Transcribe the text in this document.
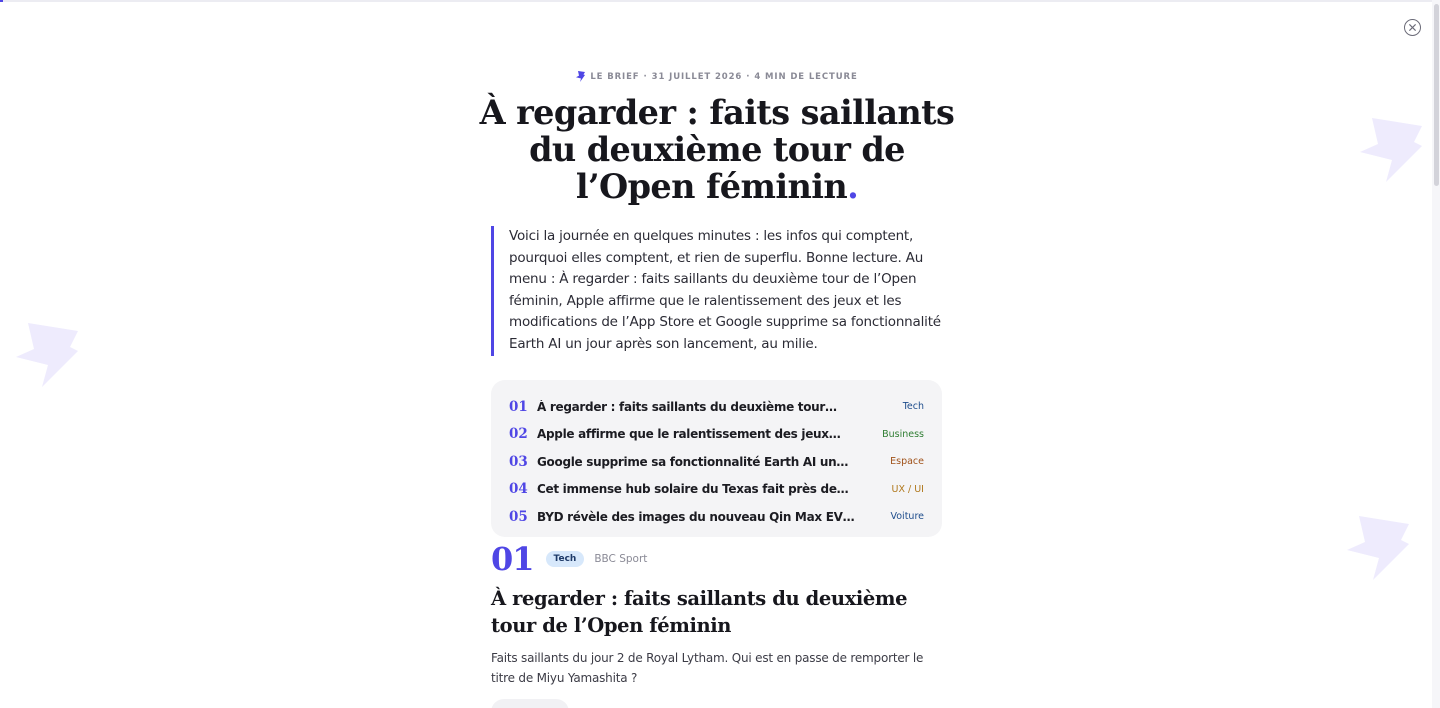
LE BRIEF · 31 JUILLET 2026 · 4 MIN DE LECTURE
À regarder : faits saillants du deuxième tour de l’Open féminin.
Voici la journée en quelques minutes : les infos qui comptent, pourquoi elles comptent, et rien de superflu. Bonne lecture. Au menu : À regarder : faits saillants du deuxième tour de l’Open féminin, Apple affirme que le ralentissement des jeux et les modifications de l’App Store et Google supprime sa fonctionnalité Earth AI un jour après son lancement, au milie.
01 À regarder : faits saillants du deuxième tour…	Tech
02 Apple affirme que le ralentissement des jeux…	Business
03 Google supprime sa fonctionnalité Earth AI un…	Espace
04 Cet immense hub solaire du Texas fait près de…	UX / UI
05 BYD révèle des images du nouveau Qin Max EV…	Voiture
01	Tech	BBC Sport
À regarder : faits saillants du deuxième tour de l’Open féminin

Faits saillants du jour 2 de Royal Lytham. Qui est en passe de remporter le titre de Miyu Yamashita ?
